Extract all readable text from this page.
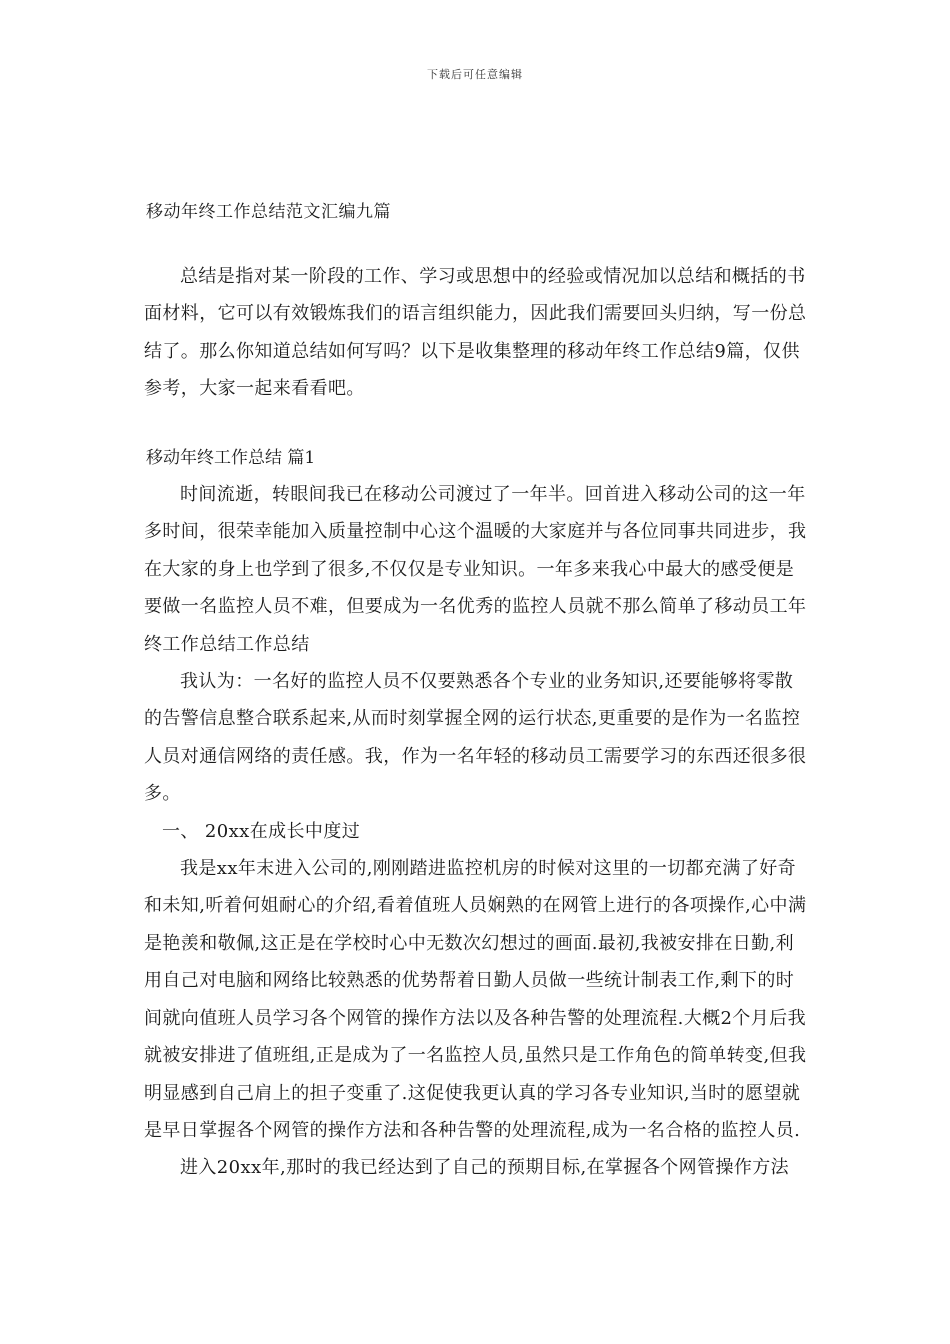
下载后可任意编辑
移动年终工作总结范文汇编九篇

总结是指对某一阶段的工作、学习或思想中的经验或情况加以总结和概括的书面材料，它可以有效锻炼我们的语言组织能力，因此我们需要回头归纳，写一份总结了。那么你知道总结如何写吗？以下是收集整理的移动年终工作总结9篇，仅供参考，大家一起来看看吧。

移动年终工作总结 篇1

时间流逝，转眼间我已在移动公司渡过了一年半。回首进入移动公司的这一年多时间，很荣幸能加入质量控制中心这个温暖的大家庭并与各位同事共同进步，我在大家的身上也学到了很多,不仅仅是专业知识。一年多来我心中最大的感受便是要做一名监控人员不难，但要成为一名优秀的监控人员就不那么简单了移动员工年终工作总结工作总结

我认为：一名好的监控人员不仅要熟悉各个专业的业务知识,还要能够将零散的告警信息整合联系起来,从而时刻掌握全网的运行状态,更重要的是作为一名监控人员对通信网络的责任感。我，作为一名年轻的移动员工需要学习的东西还很多很多。

一、 20xx在成长中度过

我是xx年末进入公司的,刚刚踏进监控机房的时候对这里的一切都充满了好奇和未知,听着何姐耐心的介绍,看着值班人员娴熟的在网管上进行的各项操作,心中满是艳羡和敬佩,这正是在学校时心中无数次幻想过的画面.最初,我被安排在日勤,利用自己对电脑和网络比较熟悉的优势帮着日勤人员做一些统计制表工作,剩下的时间就向值班人员学习各个网管的操作方法以及各种告警的处理流程.大概2个月后我就被安排进了值班组,正是成为了一名监控人员,虽然只是工作角色的简单转变,但我明显感到自己肩上的担子变重了.这促使我更认真的学习各专业知识,当时的愿望就是早日掌握各个网管的操作方法和各种告警的处理流程,成为一名合格的监控人员.

进入20xx年,那时的我已经达到了自己的预期目标,在掌握各个网管操作方法
